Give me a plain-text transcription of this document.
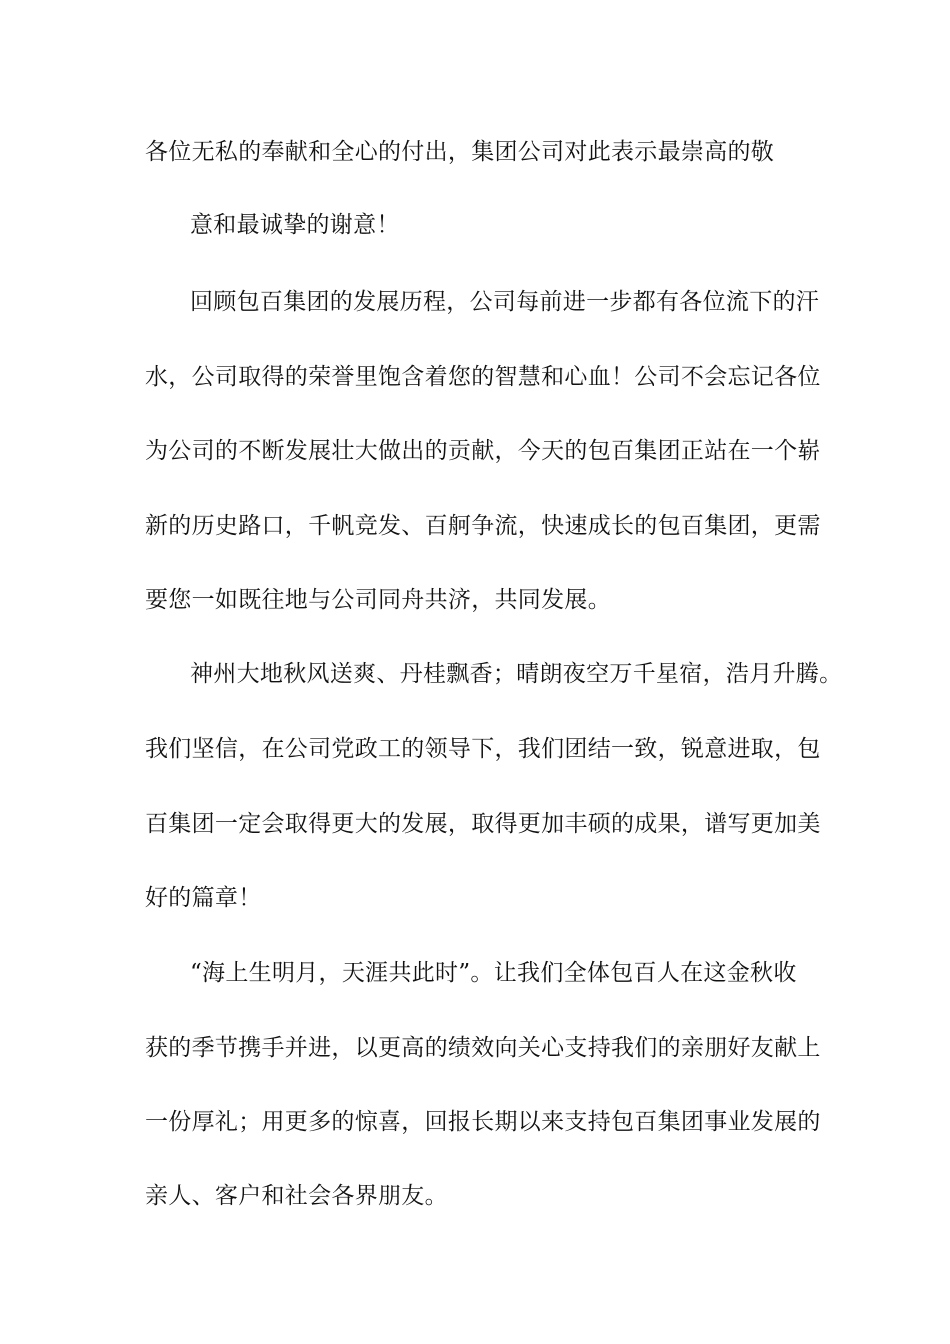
各位无私的奉献和全心的付出，集团公司对此表示最崇高的敬
意和最诚挚的谢意！
回顾包百集团的发展历程，公司每前进一步都有各位流下的汗
水，公司取得的荣誉里饱含着您的智慧和心血！公司不会忘记各位
为公司的不断发展壮大做出的贡献，今天的包百集团正站在一个崭
新的历史路口，千帆竞发、百舸争流，快速成长的包百集团，更需
要您一如既往地与公司同舟共济，共同发展。
神州大地秋风送爽、丹桂飘香；晴朗夜空万千星宿，浩月升腾。
我们坚信，在公司党政工的领导下，我们团结一致，锐意进取，包
百集团一定会取得更大的发展，取得更加丰硕的成果，谱写更加美
好的篇章！
“海上生明月，天涯共此时”。让我们全体包百人在这金秋收
获的季节携手并进，以更高的绩效向关心支持我们的亲朋好友献上
一份厚礼；用更多的惊喜，回报长期以来支持包百集团事业发展的
亲人、客户和社会各界朋友。
